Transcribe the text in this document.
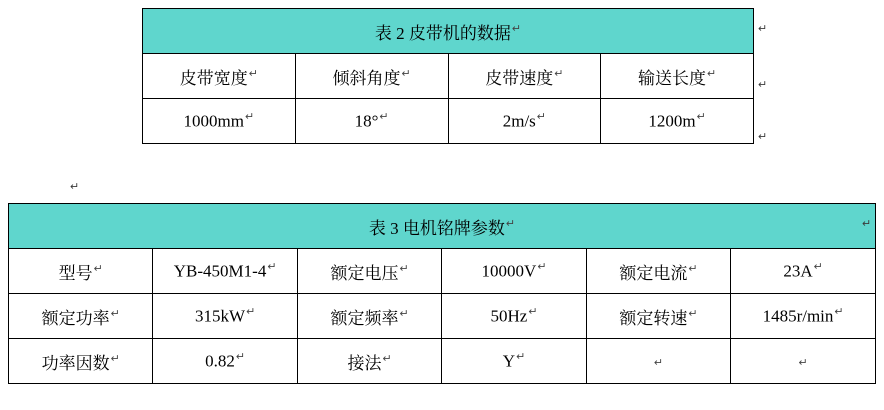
表 2 皮带机的数据↵
皮带宽度↵	倾斜角度↵	皮带速度↵	输送长度↵
1000mm↵	18°↵	2m/s↵	1200m↵
表 3 电机铭牌参数↵
型号↵	YB-450M1-4↵	额定电压↵	10000V↵	额定电流↵	23A↵
额定功率↵	315kW↵	额定频率↵	50Hz↵	额定转速↵	1485r/min↵
功率因数↵	0.82↵	接法↵	Y↵	↵	↵
↵
↵
↵
↵
↵
